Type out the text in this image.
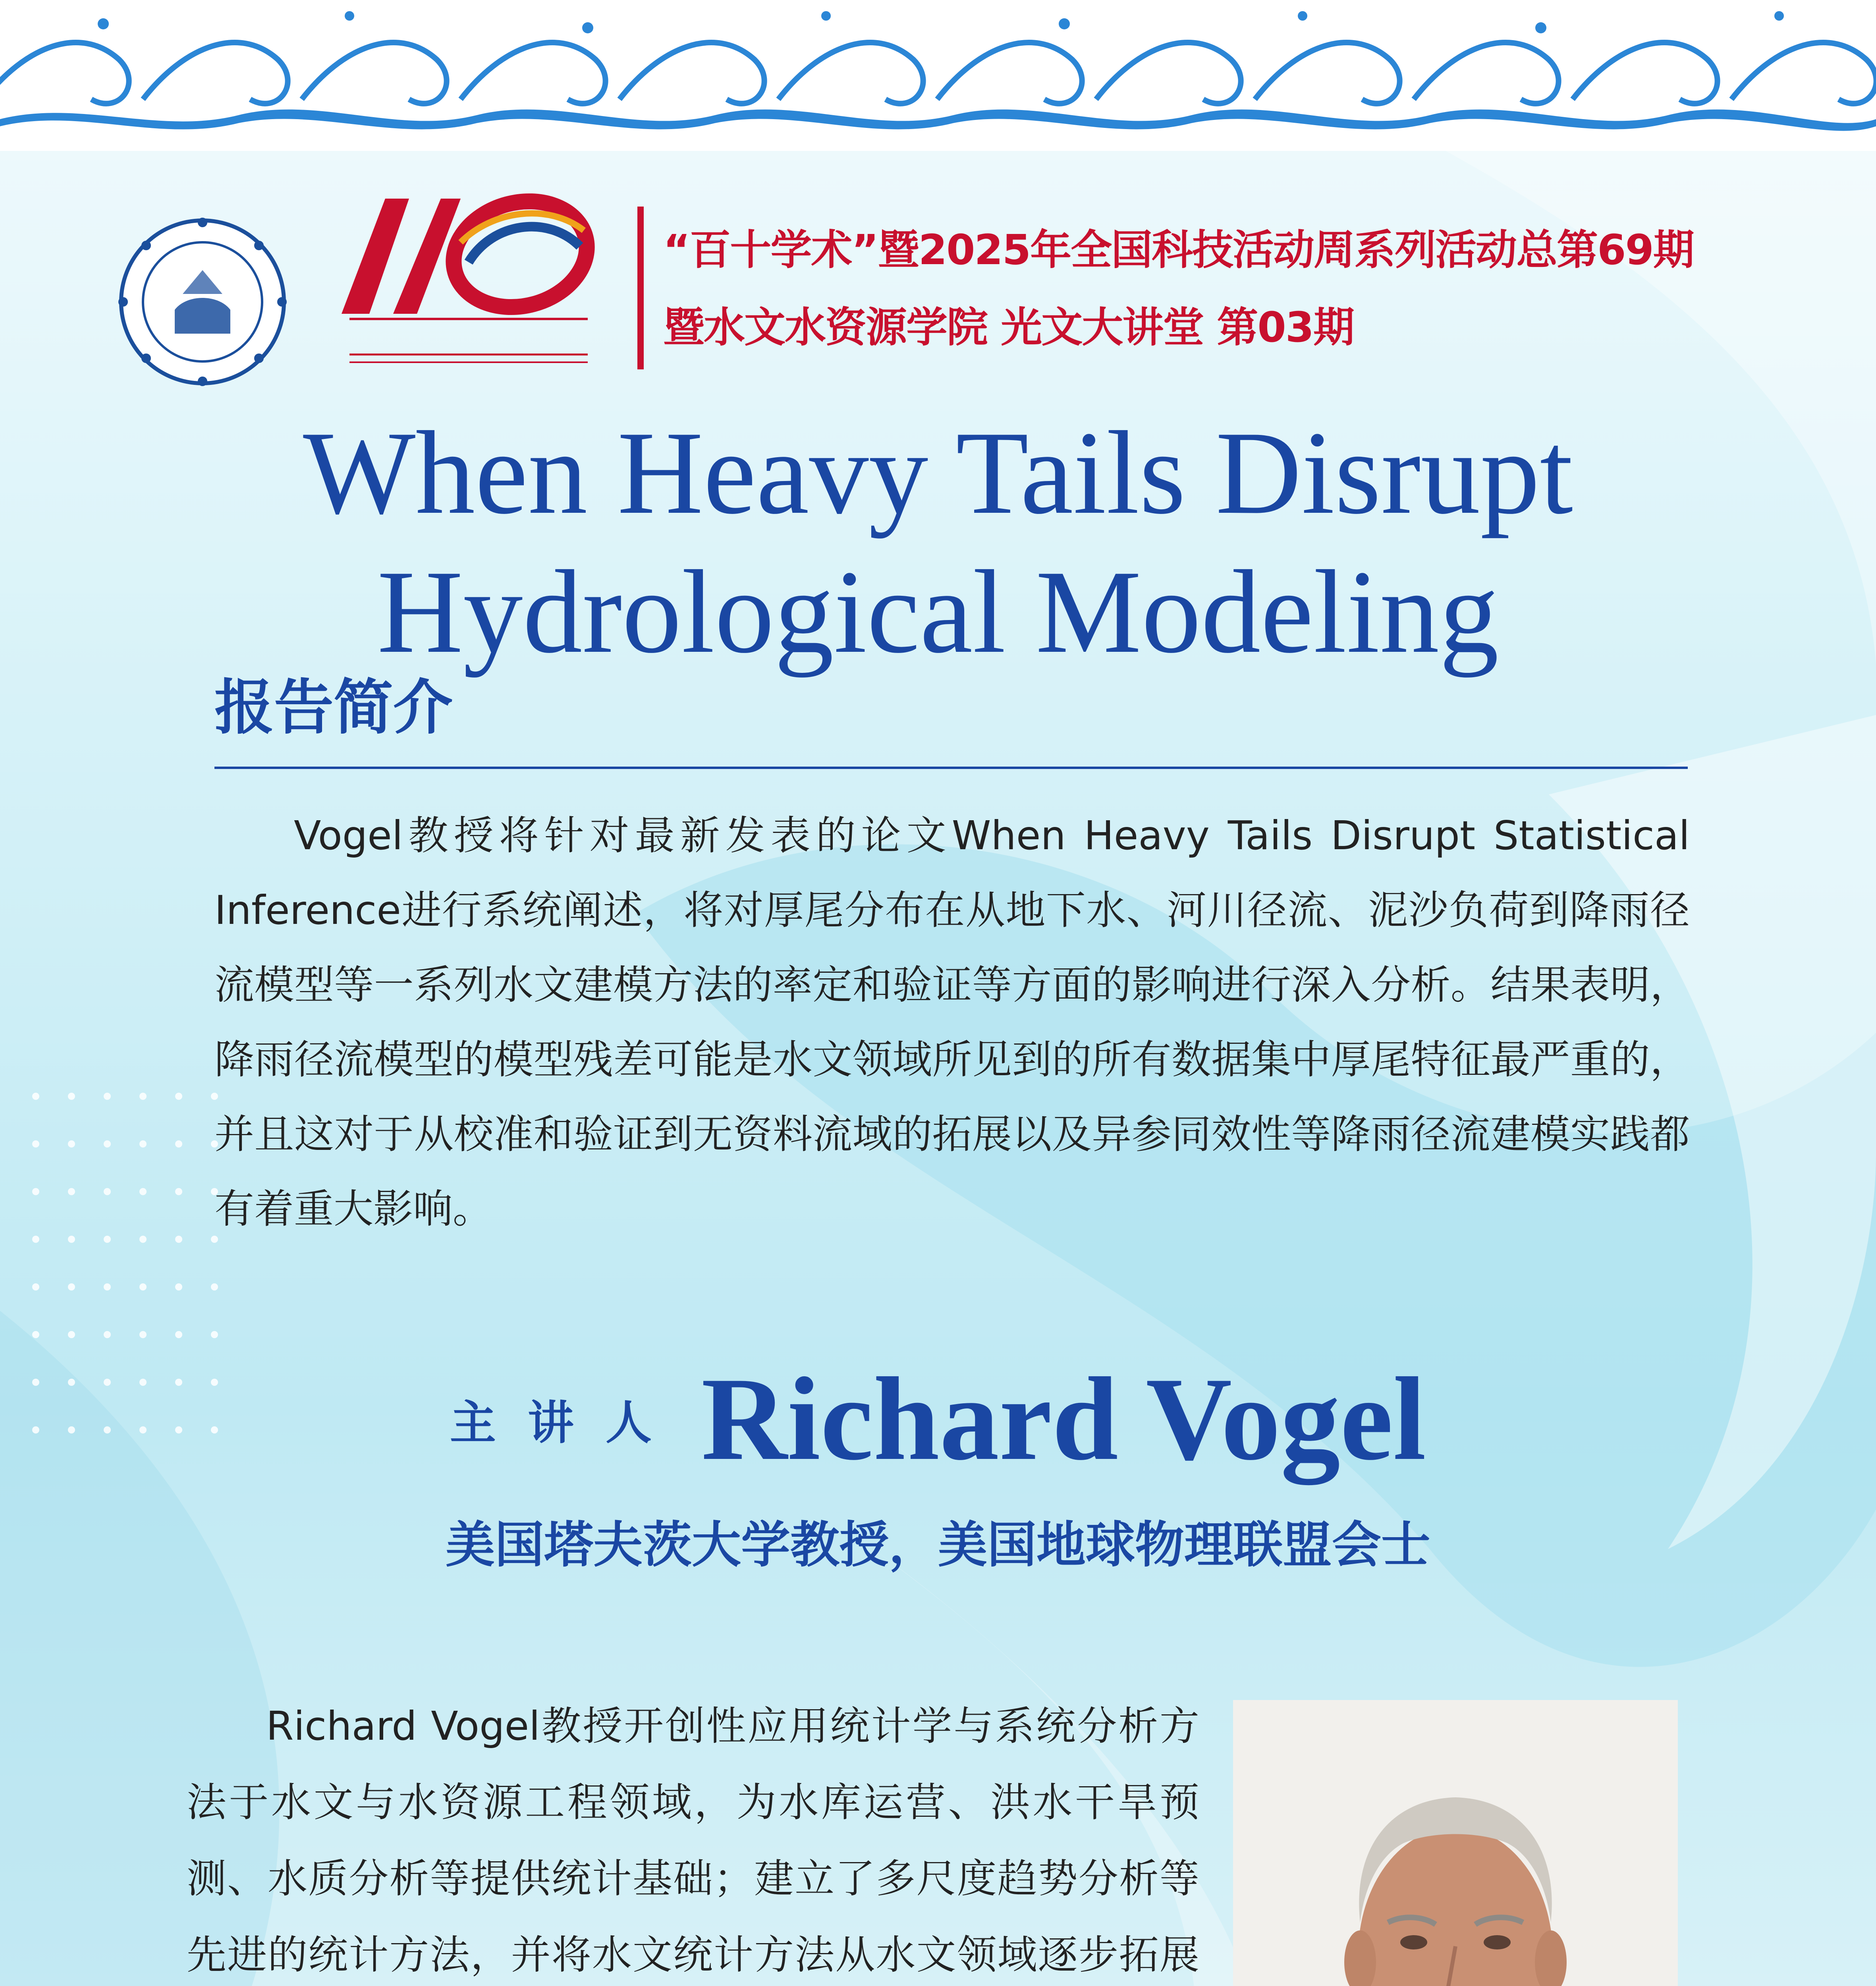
“百十学术”暨2025年全国科技活动周系列活动总第69期
暨水文水资源学院 光文大讲堂 第03期
When Heavy Tails Disrupt
Hydrological Modeling
报告简介
Vogel教授将针对最新发表的论文When Heavy Tails Disrupt Statistical Inference进行系统阐述，将对厚尾分布在从地下水、河川径流、泥沙负荷到降雨径流模型等一系列水文建模方法的率定和验证等方面的影响进行深入分析。结果表明，降雨径流模型的模型残差可能是水文领域所见到的所有数据集中厚尾特征最严重的，并且这对于从校准和验证到无资料流域的拓展以及异参同效性等降雨径流建模实践都有着重大影响。
主讲人 Richard Vogel
美国塔夫茨大学教授，美国地球物理联盟会士
Richard Vogel教授开创性应用统计学与系统分析方法于水文与水资源工程领域，为水库运营、洪水干旱预测、水质分析等提供统计基础；建立了多尺度趋势分析等先进的统计方法，并将水文统计方法从水文领域逐步拓展
